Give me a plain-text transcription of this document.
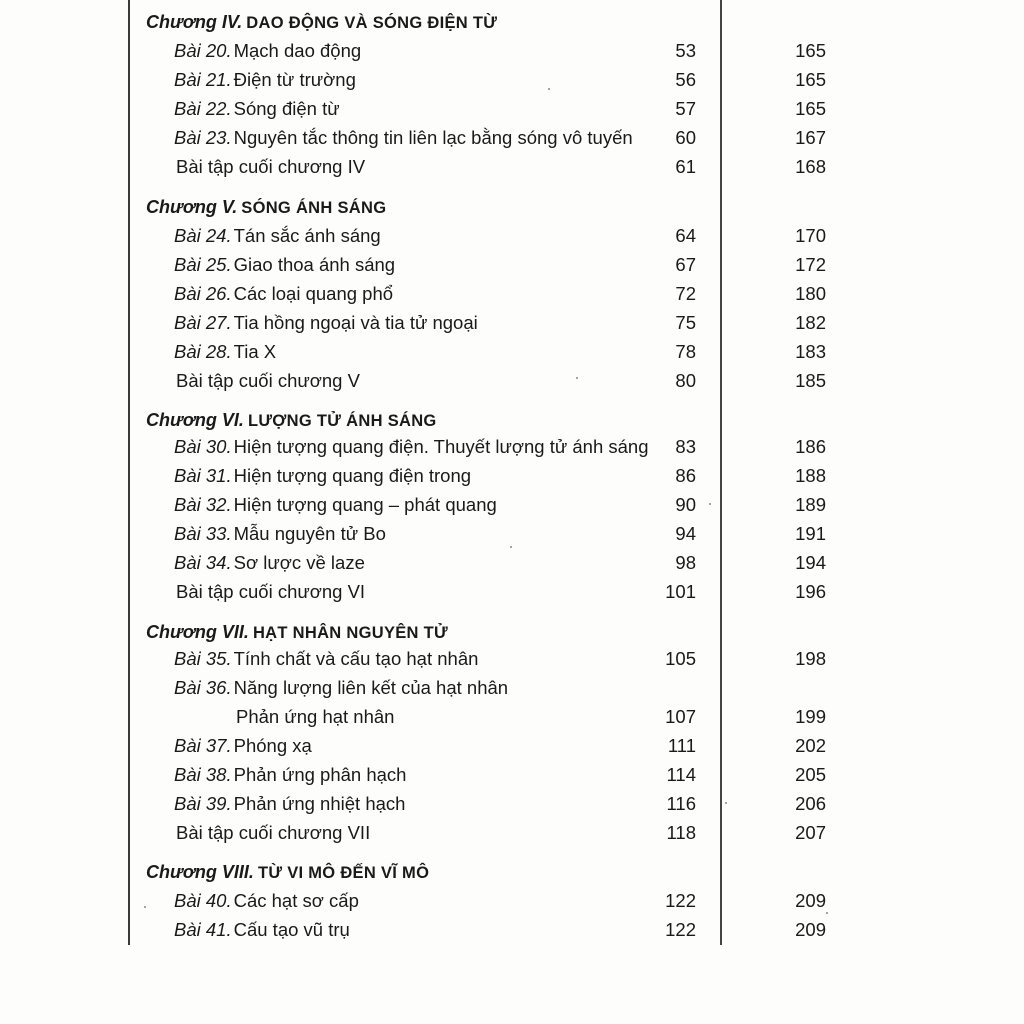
Chương IV. DAO ĐỘNG VÀ SÓNG ĐIỆN TỪ
Bài 20. Mạch dao động	53	165
Bài 21. Điện từ trường	56	165
Bài 22. Sóng điện từ	57	165
Bài 23. Nguyên tắc thông tin liên lạc bằng sóng vô tuyến	60	167
Bài tập cuối chương IV	61	168
Chương V. SÓNG ÁNH SÁNG
Bài 24. Tán sắc ánh sáng	64	170
Bài 25. Giao thoa ánh sáng	67	172
Bài 26. Các loại quang phổ	72	180
Bài 27. Tia hồng ngoại và tia tử ngoại	75	182
Bài 28. Tia X	78	183
Bài tập cuối chương V	80	185
Chương VI. LƯỢNG TỬ ÁNH SÁNG
Bài 30. Hiện tượng quang điện. Thuyết lượng tử ánh sáng	83	186
Bài 31. Hiện tượng quang điện trong	86	188
Bài 32. Hiện tượng quang – phát quang	90	189
Bài 33. Mẫu nguyên tử Bo	94	191
Bài 34. Sơ lược về laze	98	194
Bài tập cuối chương VI	101	196
Chương VII. HẠT NHÂN NGUYÊN TỬ
Bài 35. Tính chất và cấu tạo hạt nhân	105	198
Bài 36. Năng lượng liên kết của hạt nhân
Phản ứng hạt nhân	107	199
Bài 37. Phóng xạ	111	202
Bài 38. Phản ứng phân hạch	114	205
Bài 39. Phản ứng nhiệt hạch	116	206
Bài tập cuối chương VII	118	207
Chương VIII. TỪ VI MÔ ĐẾN VĨ MÔ
Bài 40. Các hạt sơ cấp	122	209
Bài 41. Cấu tạo vũ trụ	122	209
